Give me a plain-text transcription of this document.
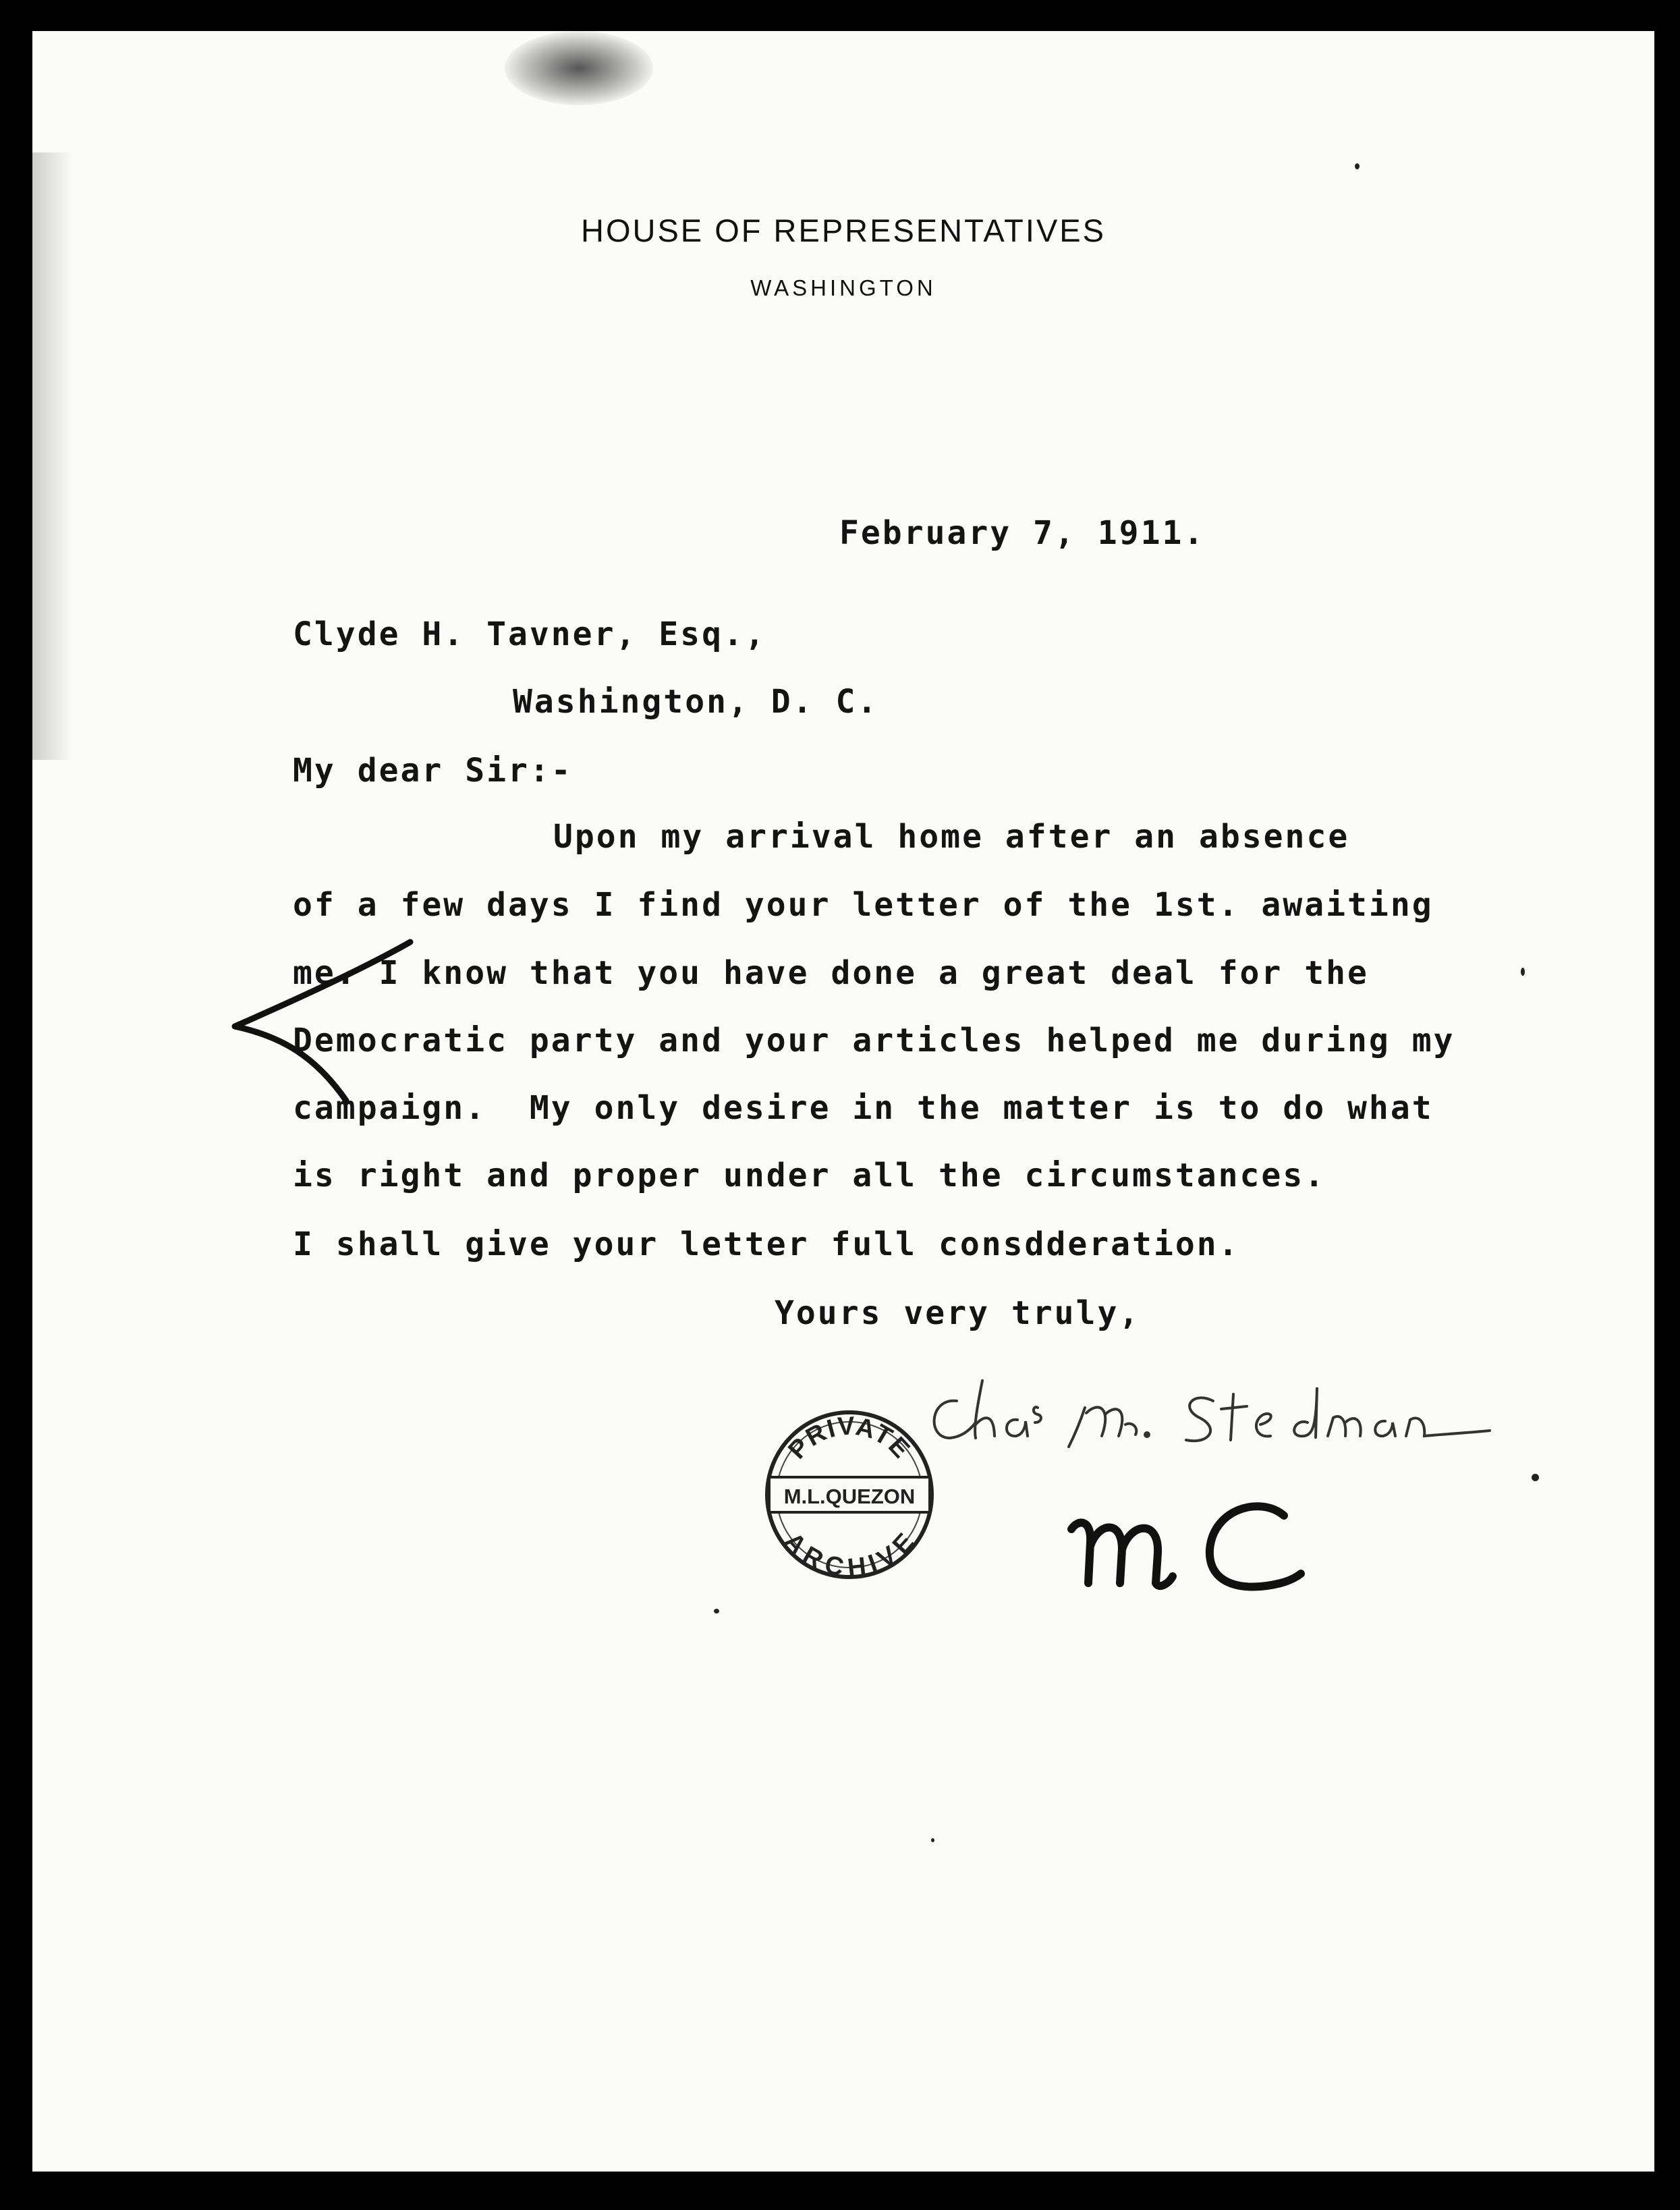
HOUSE OF REPRESENTATIVES
WASHINGTON
February 7, 1911.
Clyde H. Tavner, Esq.,
Washington, D. C.
My dear Sir:-
Upon my arrival home after an absence
of a few days I find your letter of the 1st. awaiting
me. I know that you have done a great deal for the
Democratic party and your articles helped me during my
campaign.  My only desire in the matter is to do what
is right and proper under all the circumstances.
I shall give your letter full consdderation.
Yours very truly,
PRIVATE
ARCHIVE
M.L.QUEZON
